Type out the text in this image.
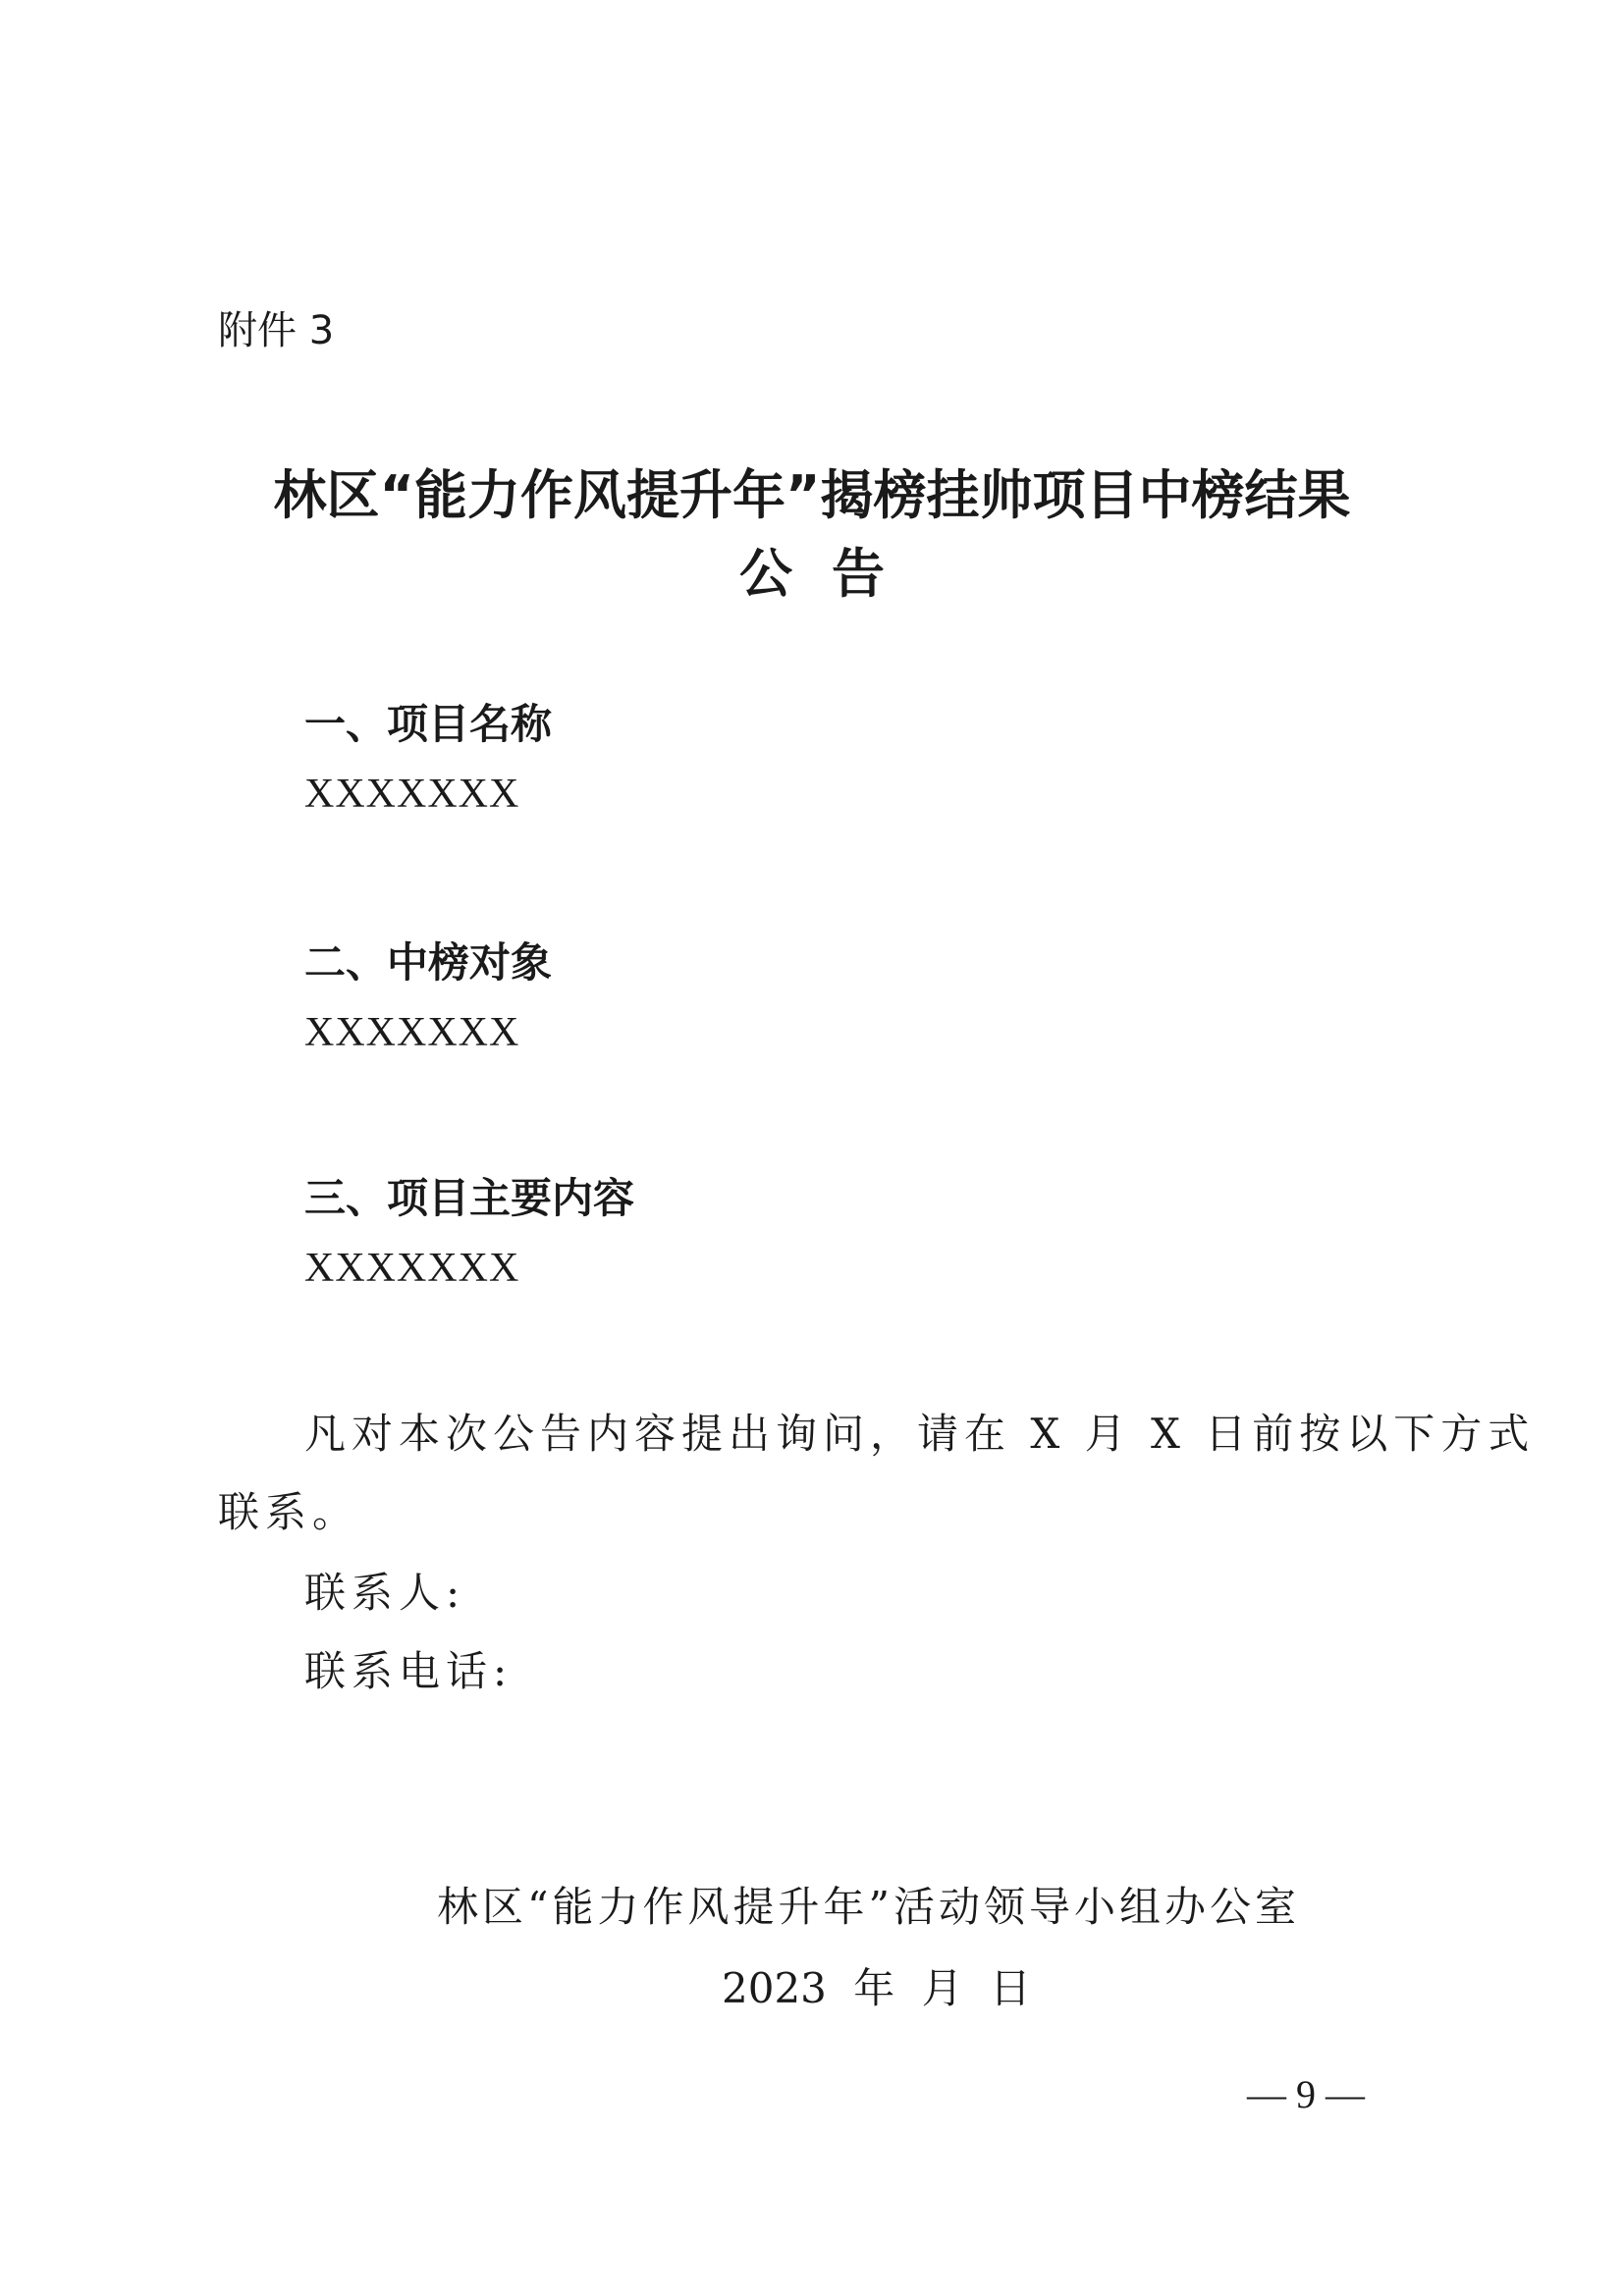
附件 3
林区“能力作风提升年”揭榜挂帅项目中榜结果
公告
一、项目名称
XXXXXXX
二、中榜对象
XXXXXXX
三、项目主要内容
XXXXXXX
凡对本次公告内容提出询问，请在 X 月 X 日前按以下方式
联系。
联系人:
联系电话:
林区“能力作风提升年”活动领导小组办公室
2023 年 月 日
— 9 —
